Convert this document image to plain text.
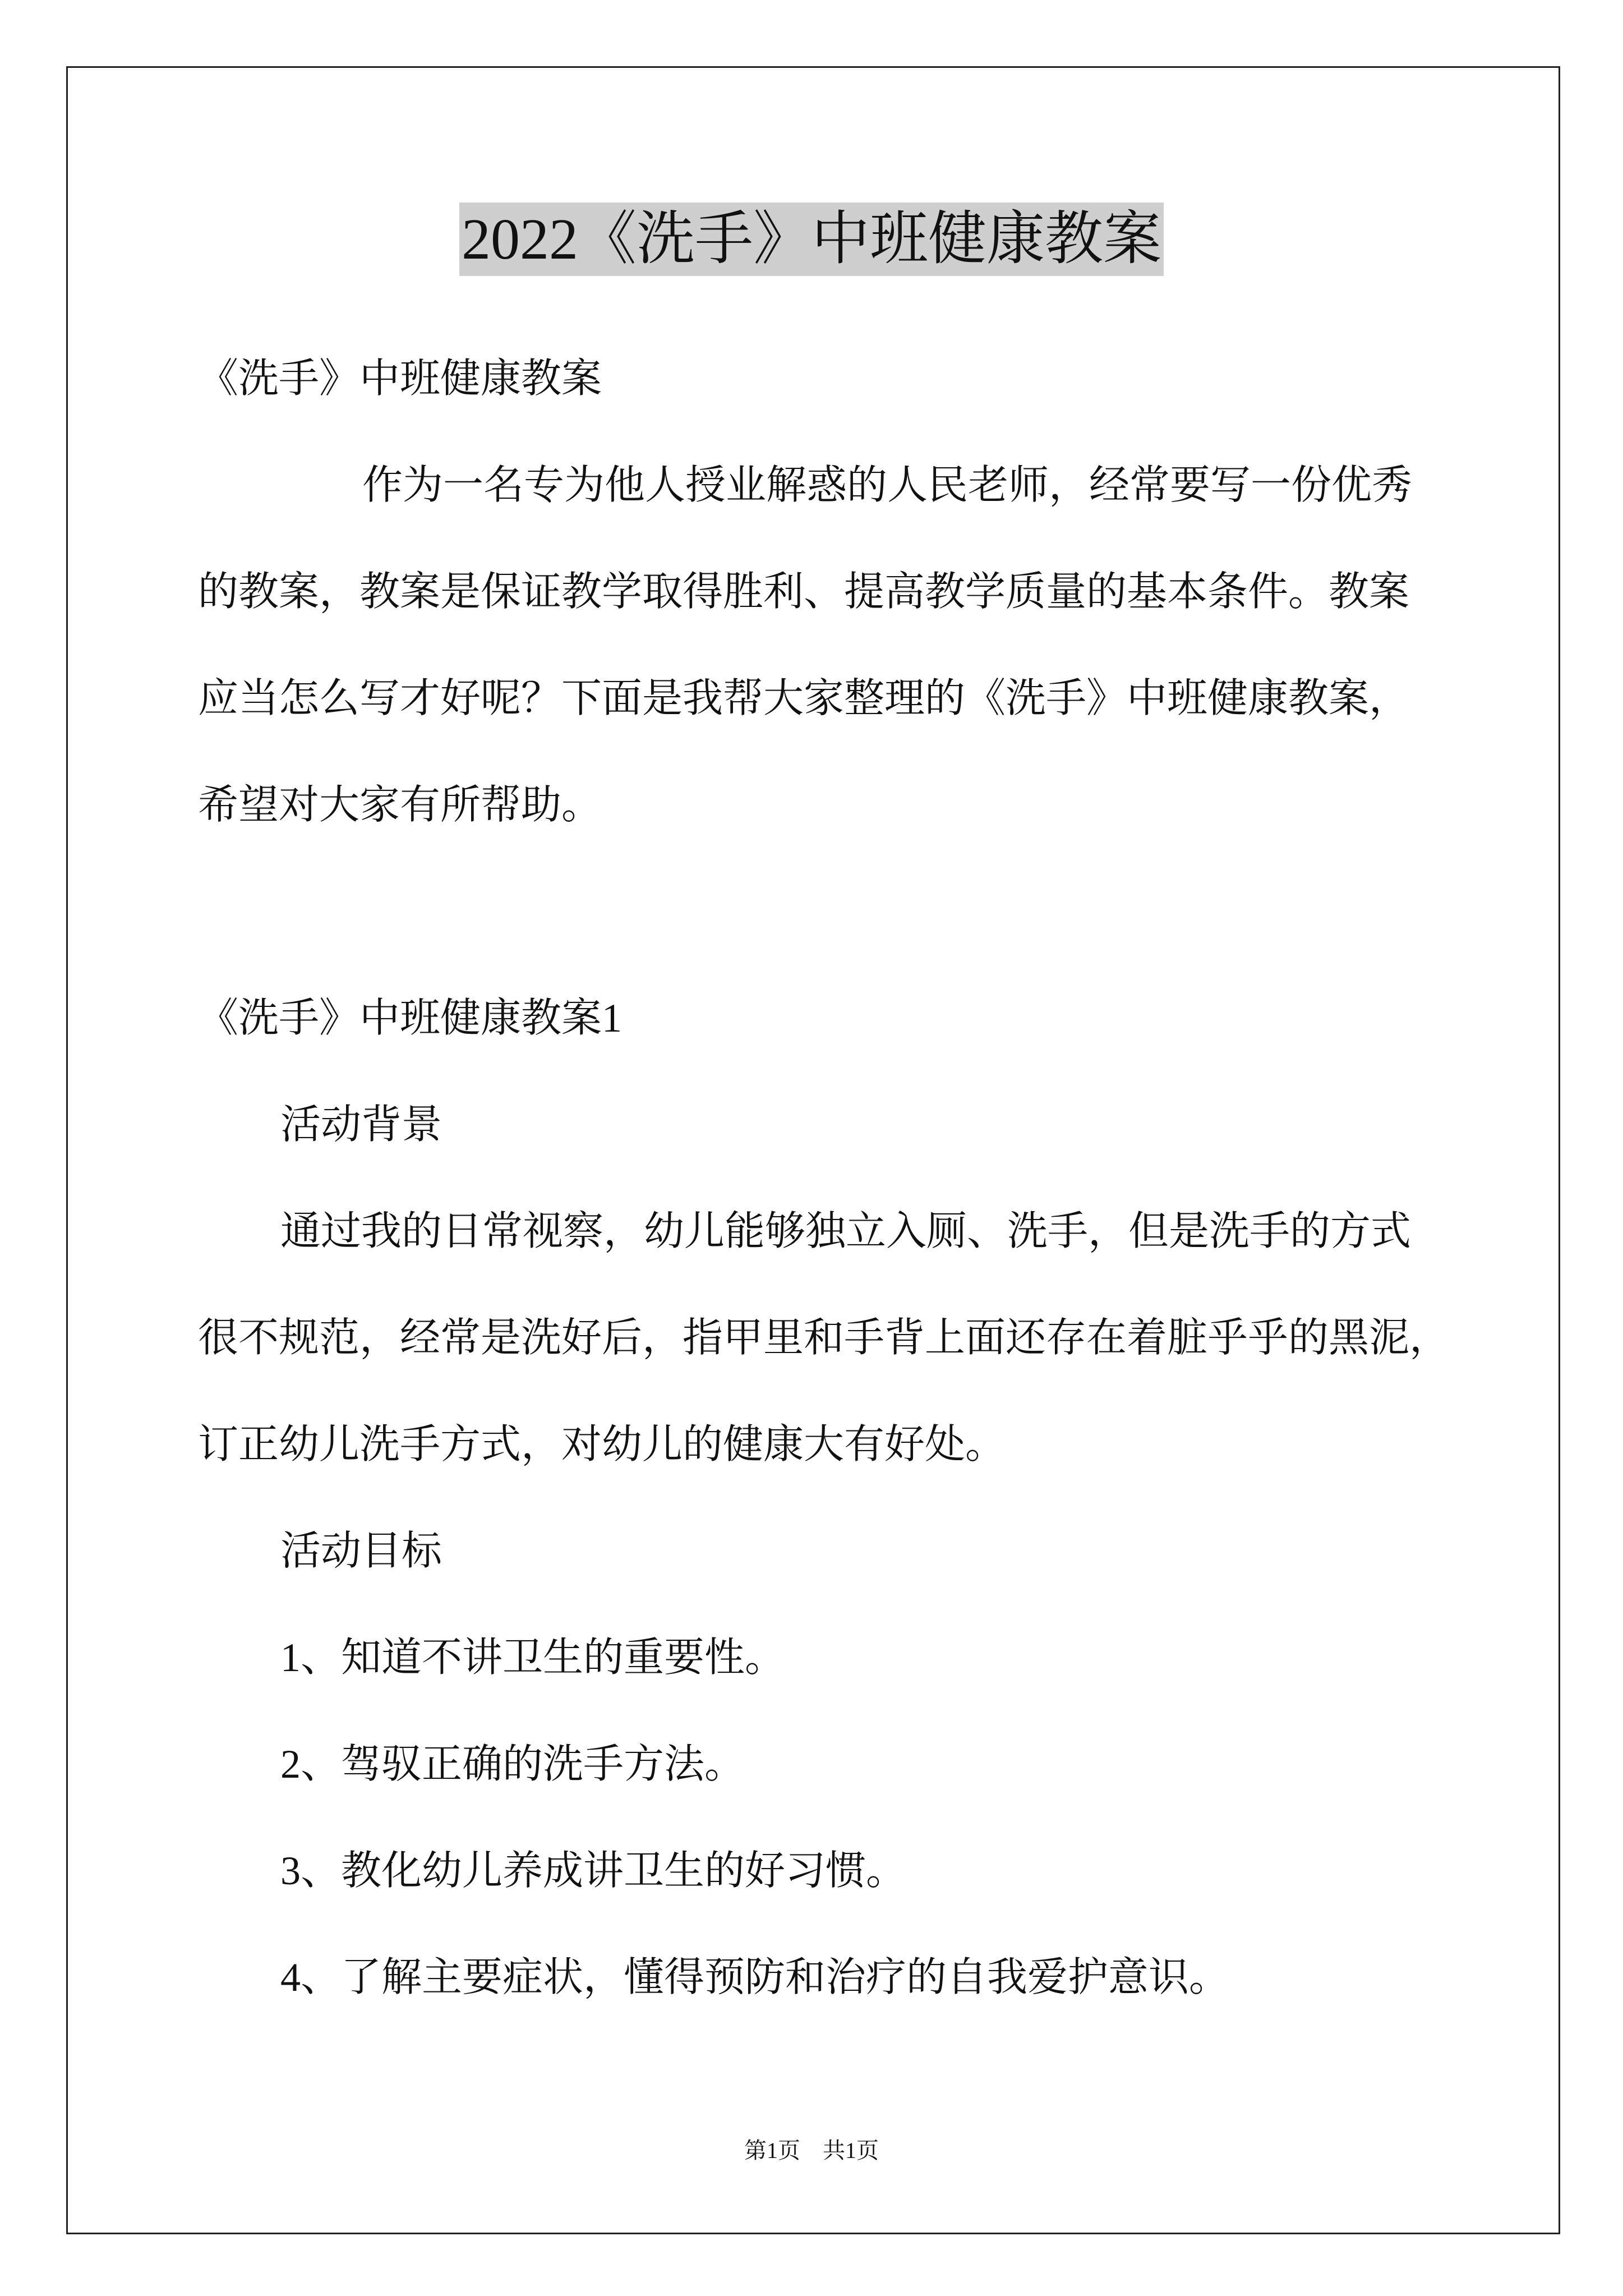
2022《洗手》中班健康教案
《洗手》中班健康教案
作为一名专为他人授业解惑的人民老师，经常要写一份优秀
的教案，教案是保证教学取得胜利、提高教学质量的基本条件。教案
应当怎么写才好呢？下面是我帮大家整理的《洗手》中班健康教案，
希望对大家有所帮助。
《洗手》中班健康教案1
活动背景
通过我的日常视察，幼儿能够独立入厕、洗手，但是洗手的方式
很不规范，经常是洗好后，指甲里和手背上面还存在着脏乎乎的黑泥，
订正幼儿洗手方式，对幼儿的健康大有好处。
活动目标
1、知道不讲卫生的重要性。
2、驾驭正确的洗手方法。
3、教化幼儿养成讲卫生的好习惯。
4、了解主要症状，懂得预防和治疗的自我爱护意识。
第1页 共1页
